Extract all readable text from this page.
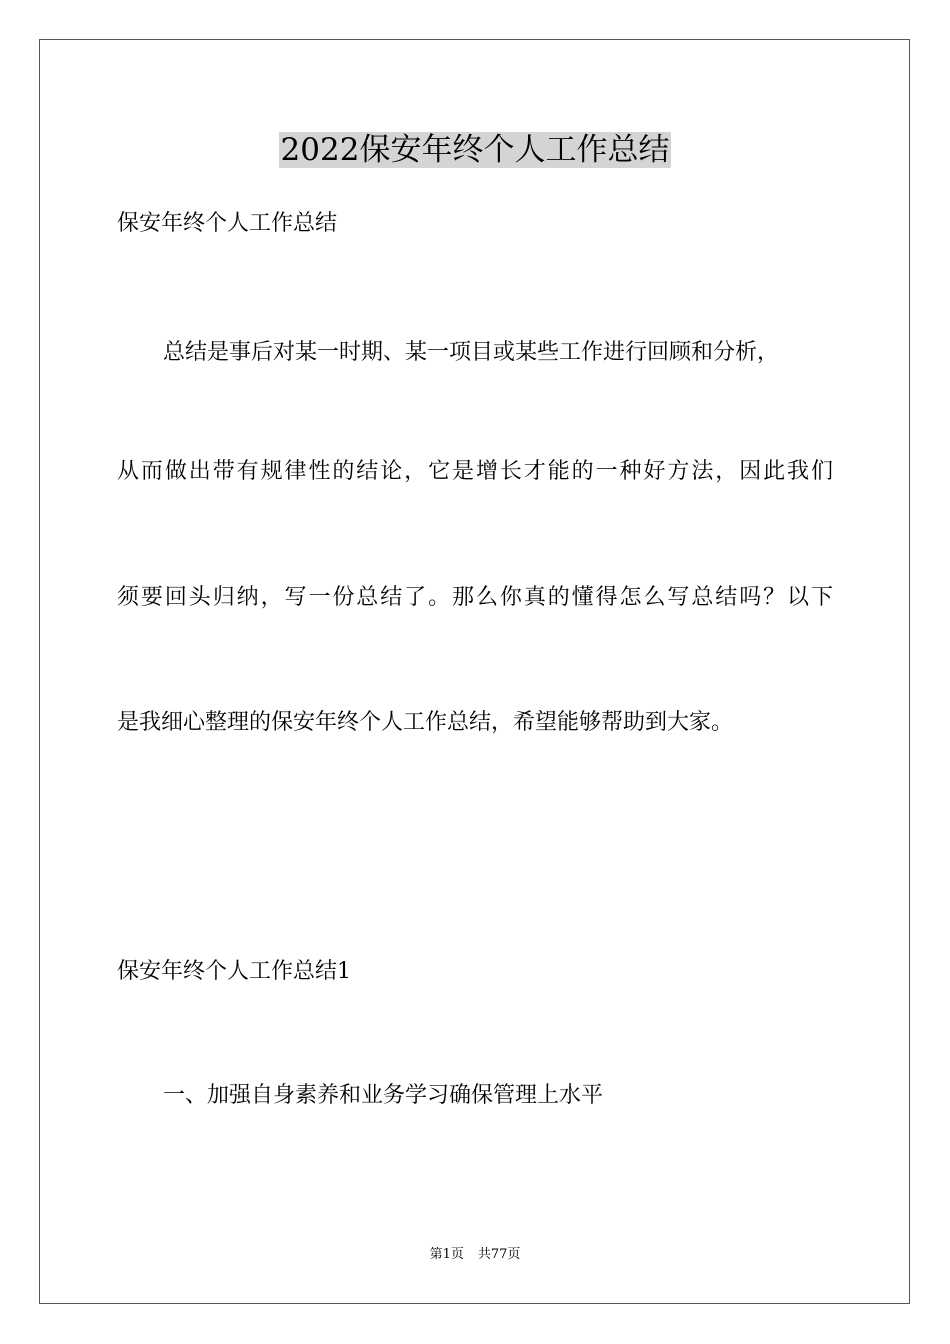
2022保安年终个人工作总结
保安年终个人工作总结
总结是事后对某一时期、某一项目或某些工作进行回顾和分析，
从而做出带有规律性的结论，它是增长才能的一种好方法，因此我们
须要回头归纳，写一份总结了。那么你真的懂得怎么写总结吗？以下
是我细心整理的保安年终个人工作总结，希望能够帮助到大家。
保安年终个人工作总结1
一、加强自身素养和业务学习确保管理上水平
第1页 共77页
